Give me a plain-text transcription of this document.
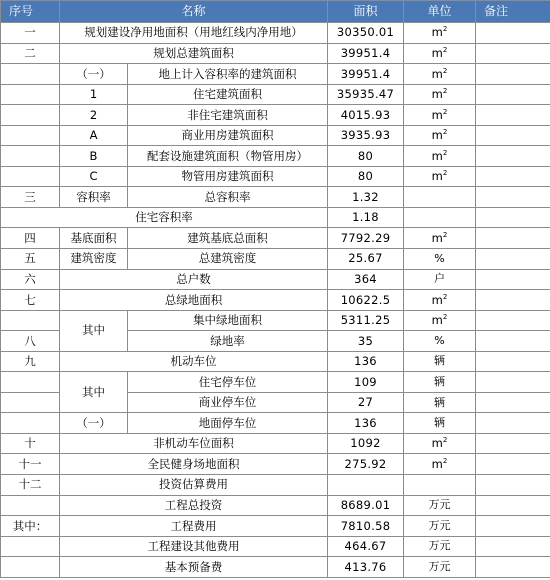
序号	名称		面积	单位	备注
一	规划建设净用地面积（用地红线内净用地）		30350.01	$m^2$	
二	规划总建筑面积		39951.4	$m^2$	
	（一）	地上计入容积率的建筑面积	39951.4	$m^2$	
	1	住宅建筑面积	35935.47	$m^2$	
	2	非住宅建筑面积	4015.93	$m^2$	
	A	商业用房建筑面积	3935.93	$m^2$	
	B	配套设施建筑面积（物管用房）	80	$m^2$	
	C	物管用房建筑面积	80	$m^2$	
三	容积率	总容积率	1.32		
住宅容积率			1.18		
四	基底面积	建筑基底总面积	7792.29	$m^2$	
五	建筑密度	总建筑密度	25.67	%	
六	总户数		364	户	
七	总绿地面积		10622.5	$m^2$	
	其中	集中绿地面积	5311.25	$m^2$	
八		绿地率	35	%	
九	机动车位		136	辆	
	其中	住宅停车位	109	辆	
		商业停车位	27	辆	
	（一）	地面停车位	136	辆	
十	非机动车位面积		1092	$m^2$	
十一	全民健身场地面积		275.92	$m^2$	
十二	投资估算费用				
	工程总投资		8689.01	万元	
其中：	工程费用		7810.58	万元	
	工程建设其他费用		464.67	万元	
	基本预备费		413.76	万元	
